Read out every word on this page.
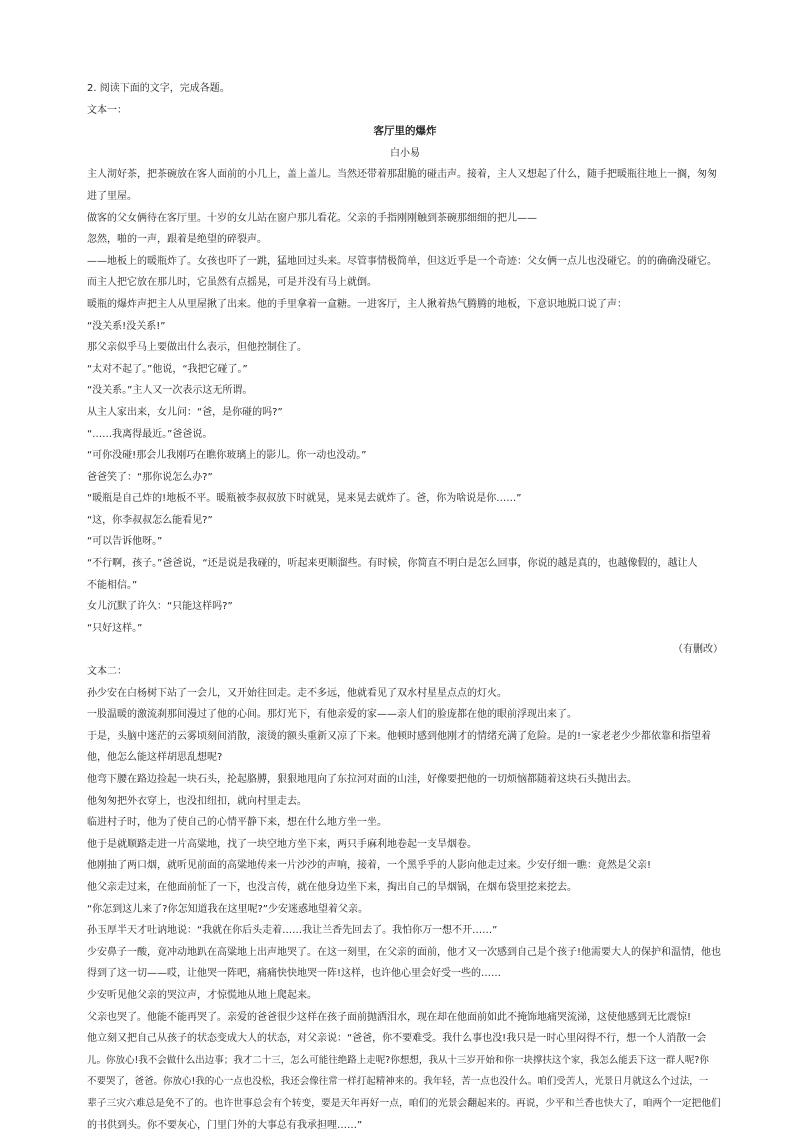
2. 阅读下面的文字，完成各题。
文本一：
客厅里的爆炸
白小易
主人沏好茶，把茶碗放在客人面前的小几上，盖上盖儿。当然还带着那甜脆的碰击声。接着，主人又想起了什么，随手把暖瓶往地上一搁，匆匆
进了里屋。
做客的父女俩待在客厅里。十岁的女儿站在窗户那儿看花。父亲的手指刚刚触到茶碗那细细的把儿——
忽然，啪的一声，跟着是绝望的碎裂声。
——地板上的暖瓶炸了。女孩也吓了一跳，猛地回过头来。尽管事情极简单，但这近乎是一个奇迹：父女俩一点儿也没碰它。的的确确没碰它。
而主人把它放在那儿时，它虽然有点摇晃，可是并没有马上就倒。
暖瓶的爆炸声把主人从里屋揪了出来。他的手里拿着一盒糖。一进客厅，主人揪着热气腾腾的地板，下意识地脱口说了声：
“没关系!没关系!”
那父亲似乎马上要做出什么表示，但他控制住了。
“太对不起了。”他说，“我把它碰了。”
“没关系。”主人又一次表示这无所谓。
从主人家出来，女儿问：“爸，是你碰的吗?”
“……我离得最近。”爸爸说。
“可你没碰!那会儿我刚巧在瞧你玻璃上的影儿。你一动也没动。”
爸爸笑了：“那你说怎么办?”
“暖瓶是自己炸的!地板不平。暖瓶被李叔叔放下时就晃，晃来晃去就炸了。爸，你为啥说是你……”
“这，你李叔叔怎么能看见?”
“可以告诉他呀。”
“不行啊，孩子。”爸爸说，“还是说是我碰的，听起来更顺溜些。有时候，你简直不明白是怎么回事，你说的越是真的，也越像假的，越让人
不能相信。”
女儿沉默了许久：“只能这样吗?”
“只好这样。”
（有删改）
文本二：
孙少安在白杨树下站了一会儿，又开始往回走。走不多远，他就看见了双水村星星点点的灯火。
一股温暖的激流刹那间漫过了他的心间。那灯光下，有他亲爱的家——亲人们的脸庞都在他的眼前浮现出来了。
于是，头脑中迷茫的云雾顷刻间消散，滚烫的额头重新又凉了下来。他顿时感到他刚才的情绪充满了危险。是的!一家老老少少都依靠和指望着
他，他怎么能这样胡思乱想呢?
他弯下腰在路边捡起一块石头，抡起胳膊，狠狠地甩向了东拉河对面的山洼，好像要把他的一切烦恼都随着这块石头抛出去。
他匆匆把外衣穿上，也没扣纽扣，就向村里走去。
临进村子时，他为了使自己的心情平静下来，想在什么地方坐一坐。
他于是就顺路走进一片高粱地，找了一块空地方坐下来，两只手麻利地卷起一支旱烟卷。
他刚抽了两口烟，就听见前面的高粱地传来一片沙沙的声响，接着，一个黑乎乎的人影向他走过来。少安仔细一瞧：竟然是父亲!
他父亲走过来，在他面前怔了一下，也没言传，就在他身边坐下来，掏出自己的旱烟锅，在烟布袋里挖来挖去。
“你怎到这儿来了?你怎知道我在这里呢?”少安迷惑地望着父亲。
孙玉厚半天才吐讷地说：“我就在你后头走着……我让兰香先回去了。我怕你万一想不开……”
少安鼻子一酸，竟冲动地趴在高粱地上出声地哭了。在这一刻里，在父亲的面前，他才又一次感到自己是个孩子!他需要大人的保护和温情，他也
得到了这一切——哎，让他哭一阵吧，痛痛快快地哭一阵!这样，也许他心里会好受一些的……
少安听见他父亲的哭泣声，才惊慌地从地上爬起来。
父亲也哭了。他能不能再哭了。亲爱的爸爸很少这样在孩子面前抛洒泪水，现在却在他面前如此不掩饰地痛哭流涕，这使他感到无比震惊!
他立刻又把自己从孩子的状态变成大人的状态，对父亲说：“爸爸，你不要难受。我什么事也没!我只是一时心里闷得不行，想一个人消散一会
儿。你放心!我不会做什么出边事；我才二十三，怎么可能往绝路上走呢?你想想，我从十三岁开始和你一块撑扶这个家，我怎么能丢下这一群人呢?你
不要哭了，爸爸。你放心!我的心一点也没松，我还会像往常一样打起精神来的。我年轻，苦一点也没什么。咱们受苦人，光景日月就这么个过法，一
辈子三灾六难总是免不了的。也许世事总会有个转变，要是天年再好一点，咱们的光景会翻起来的。再说，少平和兰香也快大了，咱两个一定把他们
的书供到头。你不要灰心，门里门外的大事总有我承担哩……”
